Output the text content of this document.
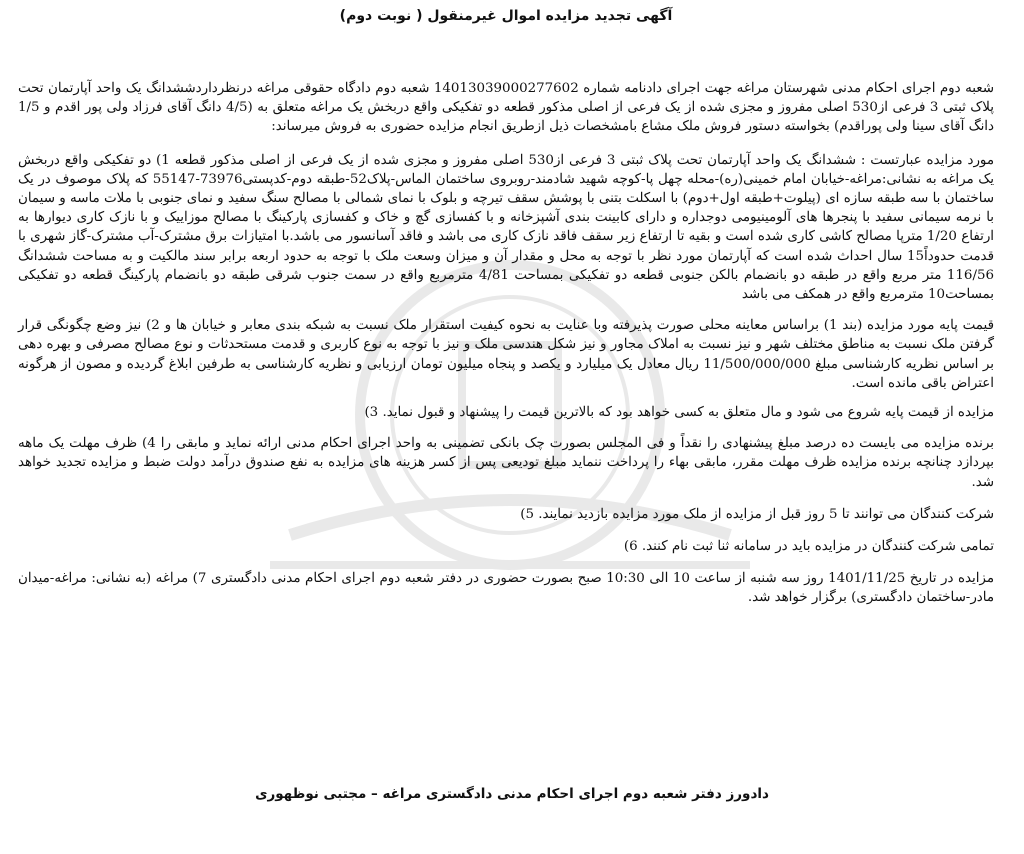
آگهی تجدید مزایده اموال غیرمنقول ( نوبت دوم)

شعبه دوم اجرای احکام مدنی شهرستان مراغه جهت اجرای دادنامه شماره 14013039000277602 شعبه دوم دادگاه حقوقی مراغه درنظرداردششدانگ یک واحد آپارتمان تحت پلاک ثبتی 3 فرعی از530 اصلی مفروز و مجزی شده از یک فرعی از اصلی مذکور قطعه دو تفکیکی واقع دربخش یک مراغه متعلق به (4/5 دانگ آقای فرزاد ولی پور اقدم و 1/5 دانگ آقای سینا ولی پوراقدم) بخواسته دستور فروش ملک مشاع بامشخصات ذیل ازطریق انجام مزایده حضوری به فروش میرساند:

مورد مزایده عبارتست : ششدانگ یک واحد آپارتمان تحت پلاک ثبتی 3 فرعی از530 اصلی مفروز و مجزی شده از یک فرعی از اصلی مذکور قطعه 1) دو تفکیکی واقع دربخش یک مراغه به نشانی:مراغه-خیابان امام خمینی(ره)-محله چهل پا-کوچه شهید شادمند-روبروی ساختمان الماس-پلاک52-طبقه دوم-کدپستی73976-55147 که پلاک موصوف در یک ساختمان با سه طبقه سازه ای (پیلوت+طبقه اول+دوم) با اسکلت بتنی با پوشش سقف تیرچه و بلوک با نمای شمالی با مصالح سنگ سفید و نمای جنوبی با ملات ماسه و سیمان با نرمه سیمانی سفید با پنجرها های آلومینیومی دوجداره و دارای کابینت بندی آشپزخانه و با کفسازی گچ و خاک و کفسازی پارکینگ با مصالح موزاییک و با نازک کاری دیوارها به ارتفاع 1/20 مترپا مصالح کاشی کاری شده است و بقیه تا ارتفاع زیر سقف فاقد نازک کاری می باشد و فاقد آسانسور می باشد.با امتیازات برق مشترک-آب مشترک-گاز شهری با قدمت حدوداً15 سال احداث شده است که آپارتمان مورد نظر با توجه به محل و مقدار آن و میزان وسعت ملک با توجه به حدود اربعه برابر سند مالکیت و به مساحت ششدانگ 116/56 متر مربع واقع در طبقه دو بانضمام بالکن جنوبی قطعه دو تفکیکی بمساحت 4/81 مترمربع واقع در سمت جنوب شرقی طبقه دو بانضمام پارکینگ قطعه دو تفکیکی بمساحت10 مترمربع واقع در همکف می باشد

قیمت پایه مورد مزایده (بند 1) براساس معاینه محلی صورت پذیرفته وبا عنایت به نحوه کیفیت استقرار ملک نسبت به شبکه بندی معابر و خیابان ها و 2) نیز وضع چگونگی قرار گرفتن ملک نسبت به مناطق مختلف شهر و نیز نسبت به املاک مجاور و نیز شکل هندسی ملک و نیز با توجه به نوع کاربری و قدمت مستحدثات و نوع مصالح مصرفی و بهره دهی بر اساس نظریه کارشناسی مبلغ 11/500/000/000 ریال معادل یک میلیارد و یکصد و پنجاه میلیون تومان ارزیابی و نظریه کارشناسی به طرفین ابلاغ گردیده و مصون از هرگونه اعتراض باقی مانده است.

مزایده از قیمت پایه شروع می شود و مال متعلق به کسی خواهد بود که بالاترین قیمت را پیشنهاد و قبول نماید. 3)

برنده مزایده می بایست ده درصد مبلغ پیشنهادی را نقداً و فی المجلس بصورت چک بانکی تضمینی به واحد اجرای احکام مدنی ارائه نماید و مابقی را 4) ظرف مهلت یک ماهه بپردازد چنانچه برنده مزایده ظرف مهلت مقرر، مابقی بهاء را پرداخت ننماید مبلغ تودیعی پس از کسر هزینه های مزایده به نفع صندوق درآمد دولت ضبط و مزایده تجدید خواهد شد.

شرکت کنندگان می توانند تا 5 روز قبل از مزایده از ملک مورد مزایده بازدید نمایند. 5)

تمامی شرکت کنندگان در مزایده باید در سامانه ثنا ثبت نام کنند. 6)

مزایده در تاریخ 1401/11/25 روز سه شنبه از ساعت 10 الی 10:30 صبح بصورت حضوری در دفتر شعبه دوم اجرای احکام مدنی دادگستری 7) مراغه (به نشانی: مراغه-میدان مادر-ساختمان دادگستری) برگزار خواهد شد.

دادورز دفتر شعبه دوم اجرای احکام مدنی دادگستری مراغه – مجتبی نوظهوری
